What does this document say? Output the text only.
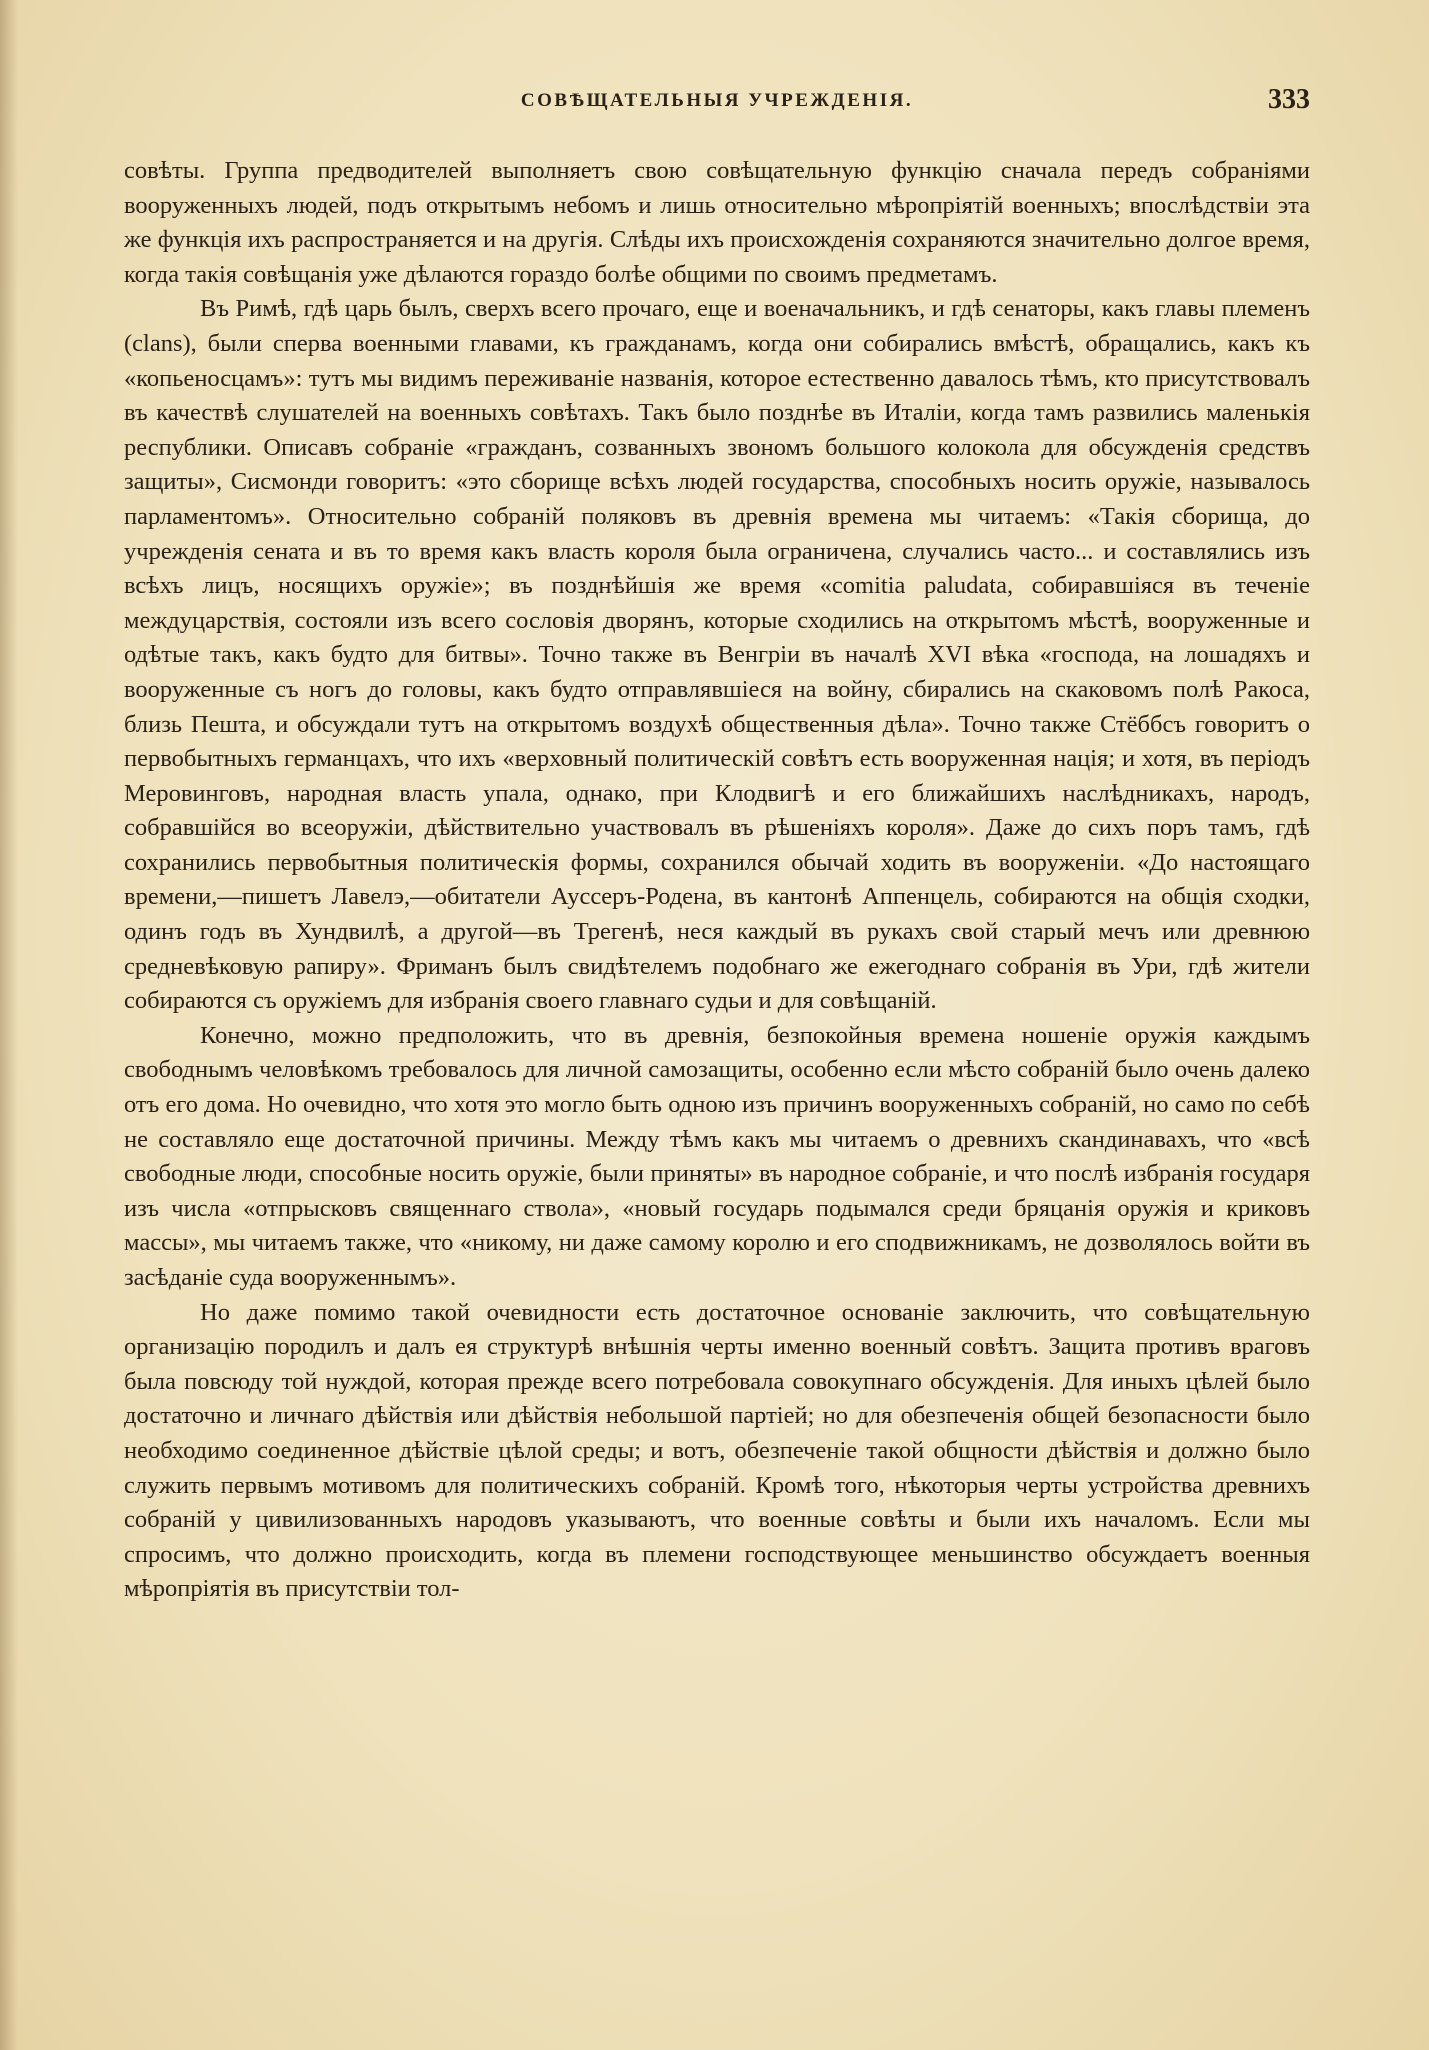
СОВѢЩАТЕЛЬНЫЯ УЧРЕЖДЕНІЯ.	333

совѣты. Группа предводителей выполняетъ свою совѣщательную функцію сначала передъ собраніями вооруженныхъ людей, подъ открытымъ небомъ и лишь относительно мѣропріятій военныхъ; впослѣдствіи эта же функція ихъ распространяется и на другія. Слѣды ихъ происхожденія сохраняются значительно долгое время, когда такія совѣщанія уже дѣлаются гораздо болѣе общими по своимъ предметамъ.

Въ Римѣ, гдѣ царь былъ, сверхъ всего прочаго, еще и военачальникъ, и гдѣ сенаторы, какъ главы племенъ (clans), были сперва военными главами, къ гражданамъ, когда они собирались вмѣстѣ, обращались, какъ къ «копьеносцамъ»: тутъ мы видимъ переживаніе названія, которое естественно давалось тѣмъ, кто присутствовалъ въ качествѣ слушателей на военныхъ совѣтахъ. Такъ было позднѣе въ Италіи, когда тамъ развились маленькія республики. Описавъ собраніе «гражданъ, созванныхъ звономъ большого колокола для обсужденія средствъ защиты», Сисмонди говоритъ: «это сборище всѣхъ людей государства, способныхъ носить оружіе, называлось парламентомъ». Относительно собраній поляковъ въ древнія времена мы читаемъ: «Такія сборища, до учрежденія сената и въ то время какъ власть короля была ограничена, случались часто... и составлялись изъ всѣхъ лицъ, носящихъ оружіе»; въ позднѣйшія же время «comitia paludata, собиравшіяся въ теченіе междуцарствія, состояли изъ всего сословія дворянъ, которые сходились на открытомъ мѣстѣ, вооруженные и одѣтые такъ, какъ будто для битвы». Точно также въ Венгріи въ началѣ XVI вѣка «господа, на лошадяхъ и вооруженные съ ногъ до головы, какъ будто отправлявшіеся на войну, сбирались на скаковомъ полѣ Ракоса, близь Пешта, и обсуждали тутъ на открытомъ воздухѣ общественныя дѣла». Точно также Стёббсъ говоритъ о первобытныхъ германцахъ, что ихъ «верховный политическій совѣтъ есть вооруженная нація; и хотя, въ періодъ Меровинговъ, народная власть упала, однако, при Клодвигѣ и его ближайшихъ наслѣдникахъ, народъ, собравшійся во всеоружіи, дѣйствительно участвовалъ въ рѣшеніяхъ короля». Даже до сихъ поръ тамъ, гдѣ сохранились первобытныя политическія формы, сохранился обычай ходить въ вооруженіи. «До настоящаго времени,—пишетъ Лавелэ,—обитатели Аусcеръ-Родена, въ кантонѣ Аппенцель, собираются на общія сходки, одинъ годъ въ Хундвилѣ, а другой—въ Трегенѣ, неся каждый въ рукахъ свой старый мечъ или древнюю средневѣковую рапиру». Фриманъ былъ свидѣтелемъ подобнаго же ежегоднаго собранія въ Ури, гдѣ жители собираются съ оружіемъ для избранія своего главнаго судьи и для совѣщаній.

Конечно, можно предположить, что въ древнія, безпокойныя времена ношеніе оружія каждымъ свободнымъ человѣкомъ требовалось для личной самозащиты, особенно если мѣсто собраній было очень далеко отъ его дома. Но очевидно, что хотя это могло быть одною изъ причинъ вооруженныхъ собраній, но само по себѣ не составляло еще достаточной причины. Между тѣмъ какъ мы читаемъ о древнихъ скандинавахъ, что «всѣ свободные люди, способные носить оружіе, были приняты» въ народное собраніе, и что послѣ избранія государя изъ числа «отпрысковъ священнаго ствола», «новый государь подымался среди бряцанія оружія и криковъ массы», мы читаемъ также, что «никому, ни даже самому королю и его сподвижникамъ, не дозволялось войти въ засѣданіе суда вооруженнымъ».

Но даже помимо такой очевидности есть достаточное основаніе заключить, что совѣщательную организацію породилъ и далъ ея структурѣ внѣшнія черты именно военный совѣтъ. Защита противъ враговъ была повсюду той нуждой, которая прежде всего потребовала совокупнаго обсужденія. Для иныхъ цѣлей было достаточно и личнаго дѣйствія или дѣйствія небольшой партіей; но для обезпеченія общей безопасности было необходимо соединенное дѣйствіе цѣлой среды; и вотъ, обезпеченіе такой общности дѣйствія и должно было служить первымъ мотивомъ для политическихъ собраній. Кромѣ того, нѣкоторыя черты устройства древнихъ собраній у цивилизованныхъ народовъ указываютъ, что военные совѣты и были ихъ началомъ. Если мы спросимъ, что должно происходить, когда въ племени господствующее меньшинство обсуждаетъ военныя мѣропріятія въ присутствіи тол-
